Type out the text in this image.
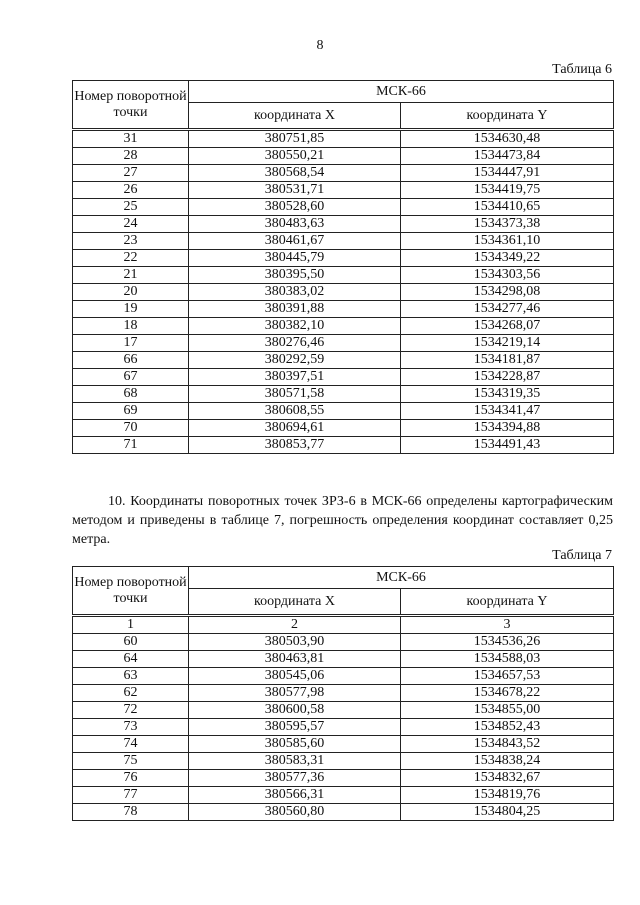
8
Таблица 6
Номер поворотной точки	МСК-66	
	координата X	координата Y
31	380751,85	1534630,48
28	380550,21	1534473,84
27	380568,54	1534447,91
26	380531,71	1534419,75
25	380528,60	1534410,65
24	380483,63	1534373,38
23	380461,67	1534361,10
22	380445,79	1534349,22
21	380395,50	1534303,56
20	380383,02	1534298,08
19	380391,88	1534277,46
18	380382,10	1534268,07
17	380276,46	1534219,14
66	380292,59	1534181,87
67	380397,51	1534228,87
68	380571,58	1534319,35
69	380608,55	1534341,47
70	380694,61	1534394,88
71	380853,77	1534491,43
10. Координаты поворотных точек ЗРЗ-6 в МСК-66 определены картографическим методом и приведены в таблице 7, погрешность определения координат составляет 0,25 метра.
Таблица 7
Номер поворотной точки	МСК-66	
	координата X	координата Y
1	2	3
60	380503,90	1534536,26
64	380463,81	1534588,03
63	380545,06	1534657,53
62	380577,98	1534678,22
72	380600,58	1534855,00
73	380595,57	1534852,43
74	380585,60	1534843,52
75	380583,31	1534838,24
76	380577,36	1534832,67
77	380566,31	1534819,76
78	380560,80	1534804,25
